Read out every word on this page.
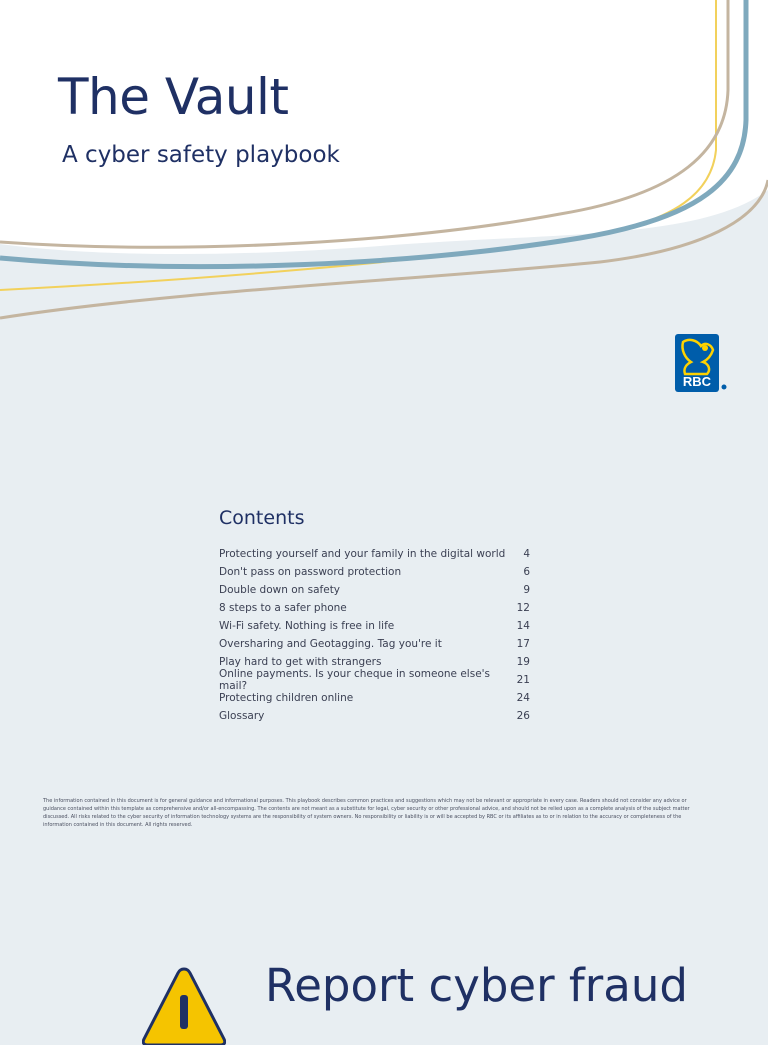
The Vault
A cyber safety playbook
RBC
Contents
Protecting yourself and your family in the digital world 4
Don't pass on password protection	6
Double down on safety	9
8 steps to a safer phone	12
Wi-Fi safety. Nothing is free in life	14
Oversharing and Geotagging. Tag you're it	17
Play hard to get with strangers	19
Online payments. Is your cheque in someone else's mail?	21
Protecting children online	24
Glossary	26

The information contained in this document is for general guidance and informational purposes. This playbook describes common practices and suggestions which may not be relevant or appropriate in every case. Readers should not consider any advice or guidance contained within this template as comprehensive and/or all-encompassing. The contents are not meant as a substitute for legal, cyber security or other professional advice, and should not be relied upon as a complete analysis of the subject matter discussed. All risks related to the cyber security of information technology systems are the responsibility of system owners. No responsibility or liability is or will be accepted by RBC or its affiliates as to or in relation to the accuracy or completeness of the information contained in this document. All rights reserved.

Report cyber fraud
